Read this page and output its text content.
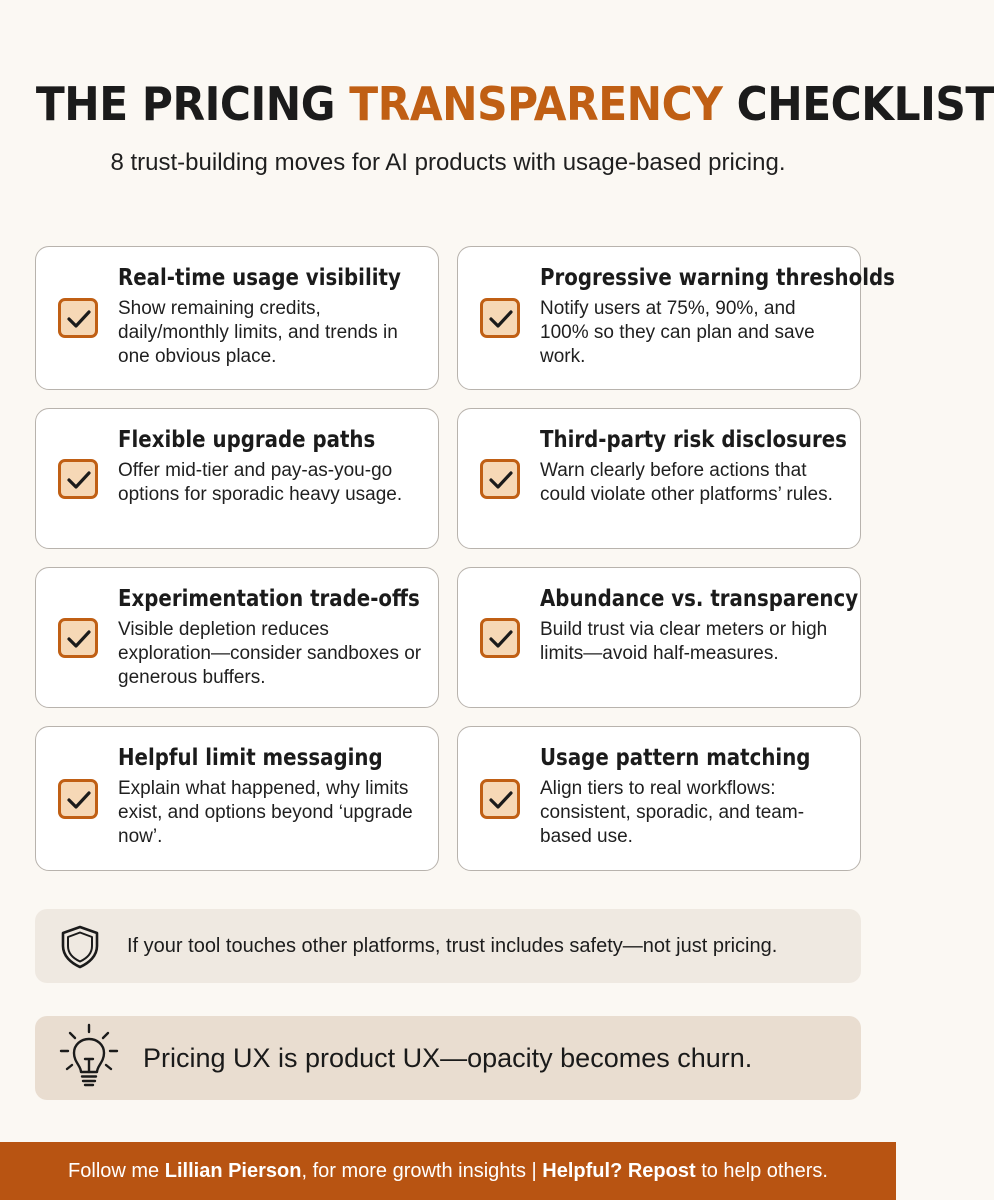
THE PRICING TRANSPARENCY CHECKLIST
8 trust-building moves for AI products with usage-based pricing.
Real-time usage visibility
Show remaining credits, daily/monthly limits, and trends in one obvious place.
Progressive warning thresholds
Notify users at 75%, 90%, and 100% so they can plan and save work.
Flexible upgrade paths
Offer mid-tier and pay-as-you-go options for sporadic heavy usage.
Third-party risk disclosures
Warn clearly before actions that could violate other platforms’ rules.
Experimentation trade-offs
Visible depletion reduces exploration—consider sandboxes or generous buffers.
Abundance vs. transparency
Build trust via clear meters or high limits—avoid half-measures.
Helpful limit messaging
Explain what happened, why limits exist, and options beyond ‘upgrade now’.
Usage pattern matching
Align tiers to real workflows: consistent, sporadic, and team-based use.
If your tool touches other platforms, trust includes safety—not just pricing.
Pricing UX is product UX—opacity becomes churn.
Follow me Lillian Pierson, for more growth insights | Helpful? Repost to help others.
